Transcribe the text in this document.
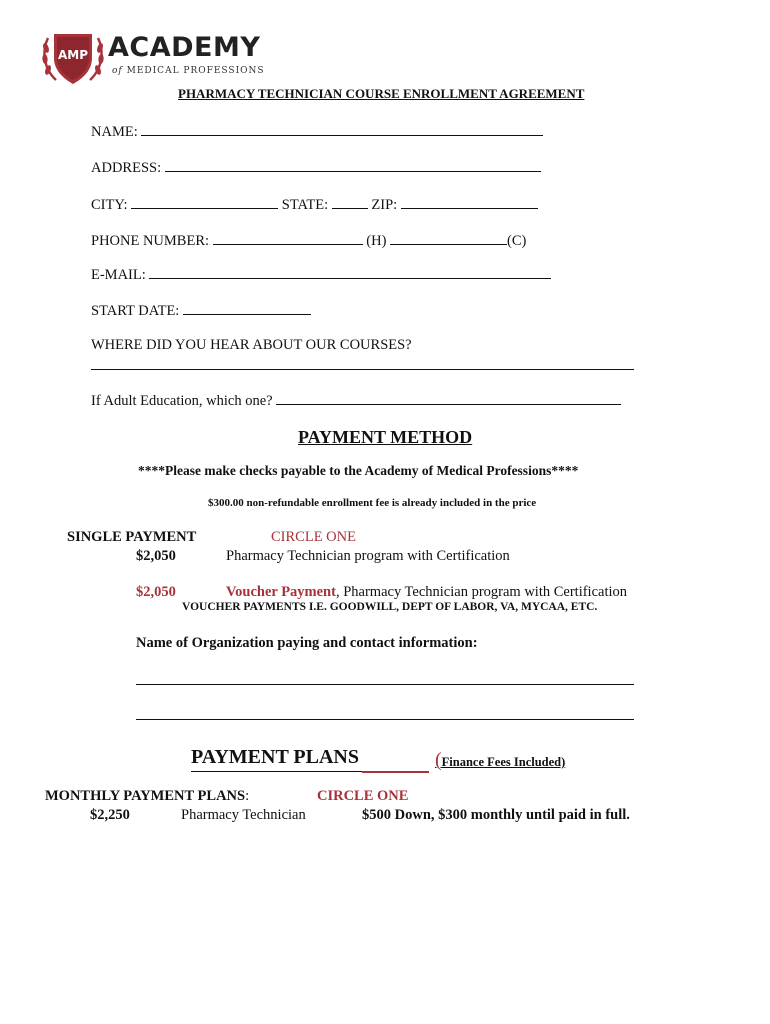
AMP ACADEMY
of MEDICAL PROFESSIONS
PHARMACY TECHNICIAN COURSE ENROLLMENT AGREEMENT
NAME:
ADDRESS:
CITY:	STATE:	ZIP:
PHONE NUMBER:	(H)	(C)
E-MAIL:
START DATE:
WHERE DID YOU HEAR ABOUT OUR COURSES?
If Adult Education, which one?
PAYMENT METHOD
****Please make checks payable to the Academy of Medical Professions****
$300.00 non-refundable enrollment fee is already included in the price
SINGLE PAYMENT	CIRCLE ONE
$2,050	Pharmacy Technician program with Certification
$2,050	Voucher Payment, Pharmacy Technician program with Certification
VOUCHER PAYMENTS I.E. GOODWILL, DEPT OF LABOR, VA, MYCAA, ETC.
Name of Organization paying and contact information:
PAYMENT PLANS	(Finance Fees Included)
MONTHLY PAYMENT PLANS:	CIRCLE ONE
$2,250	Pharmacy Technician	$500 Down, $300 monthly until paid in full.
